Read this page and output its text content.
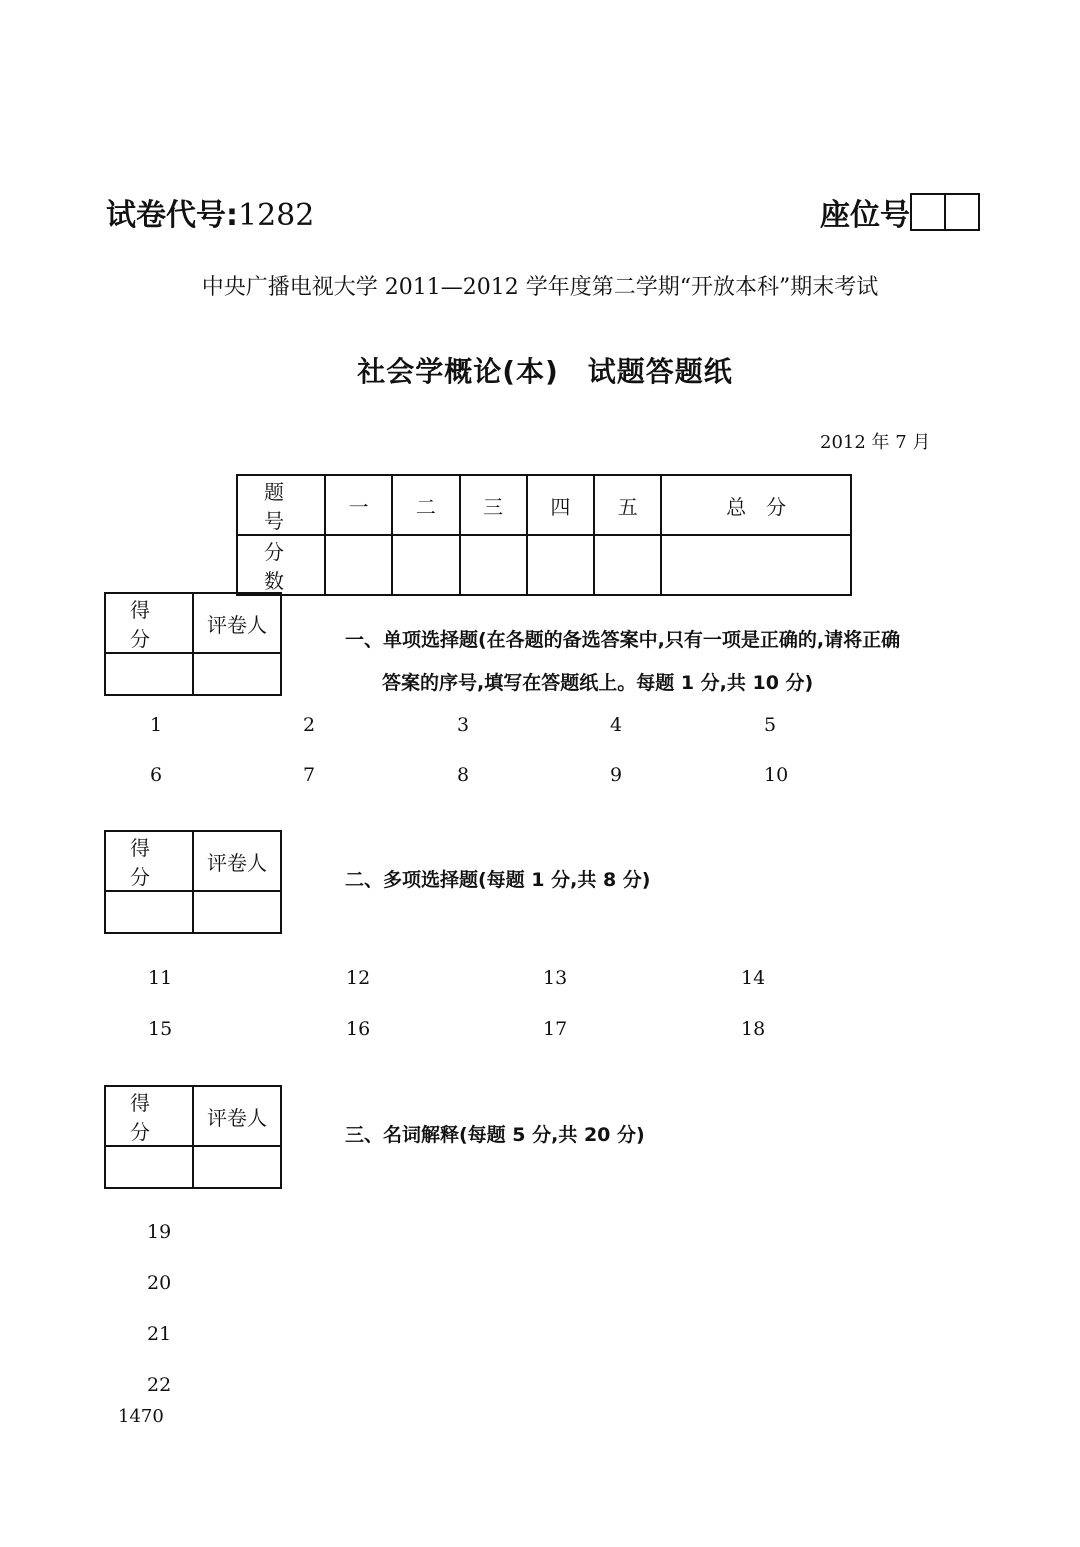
试卷代号:1282	座位号
中央广播电视大学 2011—2012 学年度第二学期“开放本科”期末考试
社会学概论(本)　试题答题纸
2012 年 7 月
题　号	一	二	三	四	五	总　分
分　数						
得　分	评卷人

一、单项选择题(在各题的备选答案中,只有一项是正确的,请将正确
答案的序号,填写在答题纸上。每题 1 分,共 10 分)
1	2	3	4	5
6	7	8	9	10
得　分	评卷人

二、多项选择题(每题 1 分,共 8 分)
11	12	13	14
15	16	17	18
得　分	评卷人

三、名词解释(每题 5 分,共 20 分)
19
20
21
22
1470
